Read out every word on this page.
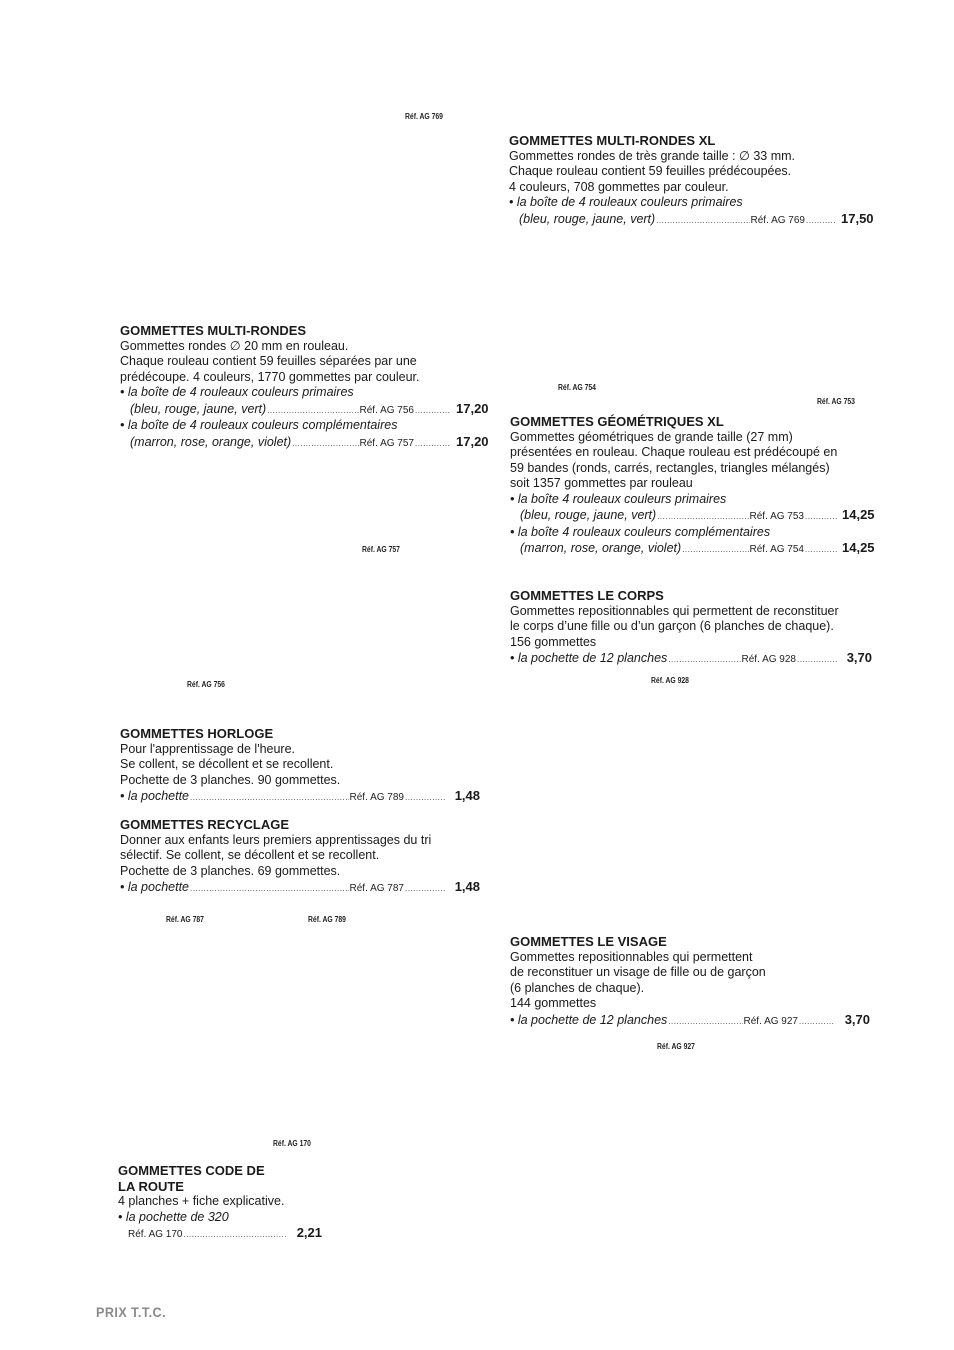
Réf. AG 769
Réf. AG 754
Réf. AG 753
Réf. AG 757
Réf. AG 928
Réf. AG 756
Réf. AG 787	Réf. AG 789
Réf. AG 927
Réf. AG 170
GOMMETTES MULTI-RONDES XL
Gommettes rondes de très grande taille : ∅ 33 mm.
Chaque rouleau contient 59 feuilles prédécoupées.
4 couleurs, 708 gommettes par couleur.
• la boîte de 4 rouleaux couleurs primaires
(bleu, rouge, jaune, vert) .....	Réf. AG 769 .....	17,50
GOMMETTES MULTI-RONDES
Gommettes rondes ∅ 20 mm en rouleau.
Chaque rouleau contient 59 feuilles séparées par une
prédécoupe. 4 couleurs, 1770 gommettes par couleur.
• la boîte de 4 rouleaux couleurs primaires
(bleu, rouge, jaune, vert) .....	Réf. AG 756 .....	17,20
• la boîte de 4 rouleaux couleurs complémentaires
(marron, rose, orange, violet) .....	Réf. AG 757 .....	17,20
GOMMETTES GÉOMÉTRIQUES XL
Gommettes géométriques de grande taille (27 mm)
présentées en rouleau. Chaque rouleau est prédécoupé en
59 bandes (ronds, carrés, rectangles, triangles mélangés)
soit 1357 gommettes par rouleau
• la boîte 4 rouleaux couleurs primaires
(bleu, rouge, jaune, vert) .....	Réf. AG 753 .....	14,25
• la boîte 4 rouleaux couleurs complémentaires
(marron, rose, orange, violet) .....	Réf. AG 754 .....	14,25
GOMMETTES LE CORPS
Gommettes repositionnables qui permettent de reconstituer
le corps d’une fille ou d’un garçon (6 planches de chaque).
156 gommettes
• la pochette de 12 planches .....	Réf. AG 928 .....	3,70
GOMMETTES HORLOGE
Pour l'apprentissage de l'heure.
Se collent, se décollent et se recollent.
Pochette de 3 planches. 90 gommettes.
• la pochette .....	Réf. AG 789 .....	1,48
GOMMETTES RECYCLAGE
Donner aux enfants leurs premiers apprentissages du tri
sélectif. Se collent, se décollent et se recollent.
Pochette de 3 planches. 69 gommettes.
• la pochette .....	Réf. AG 787 .....	1,48
GOMMETTES LE VISAGE
Gommettes repositionnables qui permettent
de reconstituer un visage de fille ou de garçon
(6 planches de chaque).
144 gommettes
• la pochette de 12 planches .....	Réf. AG 927 .....	3,70
GOMMETTES CODE DE
LA ROUTE
4 planches + fiche explicative.
• la pochette de 320
Réf. AG 170 .....	2,21
PRIX T.T.C.
